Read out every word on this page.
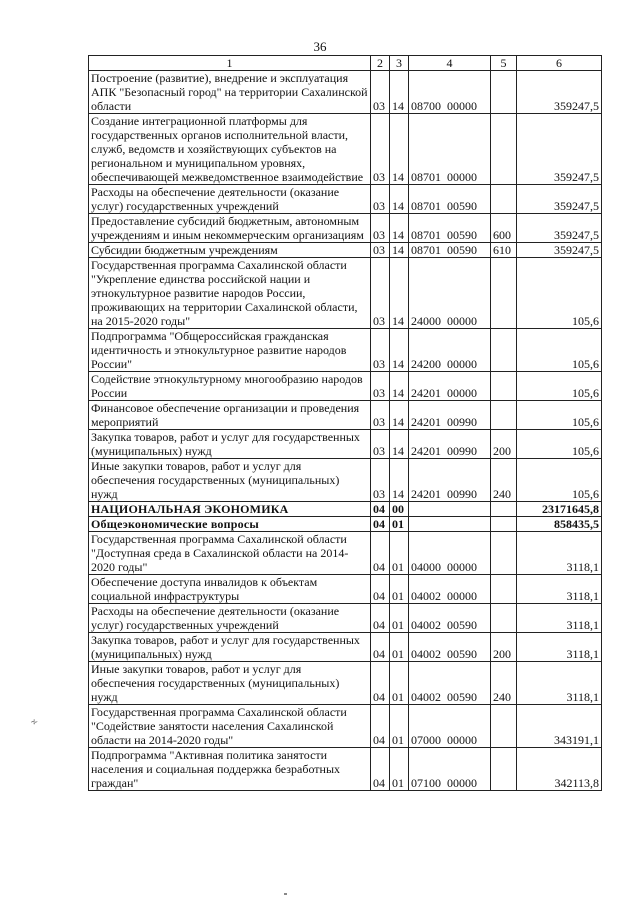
36
1	2	3	4	5	6
Построение (развитие), внедрение и эксплуатация АПК "Безопасный город" на территории Сахалинской области	03	14	08700  00000		359247,5
Создание интеграционной платформы для государственных органов исполнительной власти, служб, ведомств и хозяйствующих субъектов на региональном и муниципальном уровнях, обеспечивающей межведомственное взаимодействие	03	14	08701  00000		359247,5
Расходы на обеспечение деятельности (оказание услуг) государственных учреждений	03	14	08701  00590		359247,5
Предоставление субсидий бюджетным, автономным учреждениям и иным некоммерческим организациям	03	14	08701  00590	600	359247,5
Субсидии бюджетным учреждениям	03	14	08701  00590	610	359247,5
Государственная программа Сахалинской области "Укрепление единства российской нации и этнокультурное развитие народов России, проживающих на территории Сахалинской области, на 2015-2020 годы"	03	14	24000  00000		105,6
Подпрограмма "Общероссийская гражданская идентичность и этнокультурное развитие народов России"	03	14	24200  00000		105,6
Содействие этнокультурному многообразию народов России	03	14	24201  00000		105,6
Финансовое обеспечение организации и проведения мероприятий	03	14	24201  00990		105,6
Закупка товаров, работ и услуг для государственных (муниципальных) нужд	03	14	24201  00990	200	105,6
Иные закупки товаров, работ и услуг для обеспечения государственных (муниципальных) нужд	03	14	24201  00990	240	105,6
НАЦИОНАЛЬНАЯ ЭКОНОМИКА	04	00			23171645,8
Общеэкономические вопросы	04	01			858435,5
Государственная программа Сахалинской области "Доступная среда в Сахалинской области на 2014-2020 годы"	04	01	04000  00000		3118,1
Обеспечение доступа инвалидов к объектам социальной инфраструктуры	04	01	04002  00000		3118,1
Расходы на обеспечение деятельности (оказание услуг) государственных учреждений	04	01	04002  00590		3118,1
Закупка товаров, работ и услуг для государственных (муниципальных) нужд	04	01	04002  00590	200	3118,1
Иные закупки товаров, работ и услуг для обеспечения государственных (муниципальных) нужд	04	01	04002  00590	240	3118,1
Государственная программа Сахалинской области "Содействие занятости населения Сахалинской области на 2014-2020 годы"	04	01	07000  00000		343191,1
Подпрограмма "Активная политика занятости населения и социальная поддержка безработных граждан"	04	01	07100  00000		342113,8
∻
